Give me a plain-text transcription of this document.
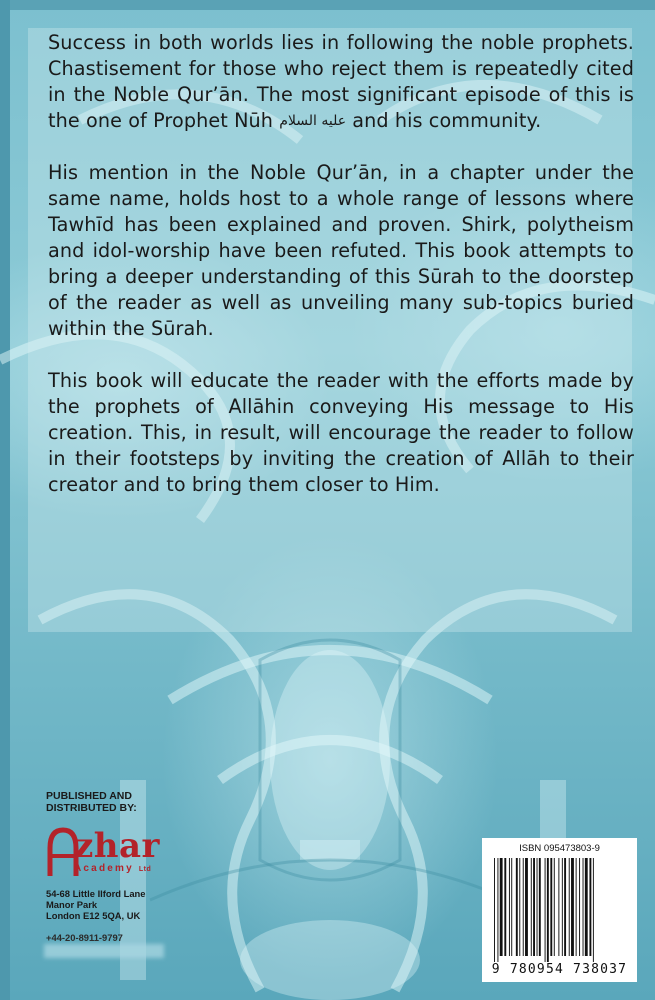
Success in both worlds lies in following the noble prophets. Chastisement for those who reject them is repeatedly cited in the Noble Qur’ān. The most significant episode of this is the one of Prophet Nūh عليه السلام and his community.

His mention in the Noble Qur’ān, in a chapter under the same name, holds host to a whole range of lessons where Tawhīd has been explained and proven. Shirk, polytheism and idol-worship have been refuted. This book attempts to bring a deeper understanding of this Sūrah to the doorstep of the reader as well as unveiling many sub-topics buried within the Sūrah.

This book will educate the reader with the efforts made by the prophets of Allāhin conveying His message to His creation. This, in result, will encourage the reader to follow in their footsteps by inviting the creation of Allāh to their creator and to bring them closer to Him.

PUBLISHED AND
DISTRIBUTED BY:
zhar
Academy Ltd
54-68 Little Ilford Lane
Manor Park
London E12 5QA, UK
+44-20-8911-9797
ISBN 095473803-9
9 780954 738037
